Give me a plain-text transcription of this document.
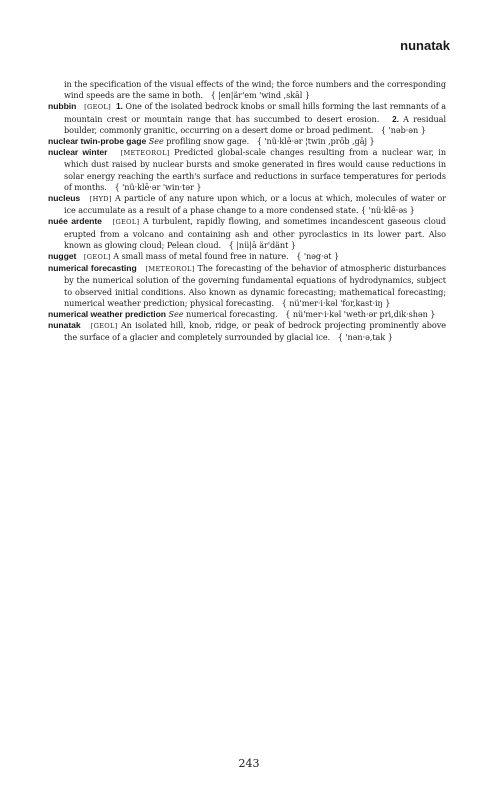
nunatak

in the specification of the visual effects of the wind; the force numbers and the corresponding wind speeds are the same in both. { |en|är'em 'wind ,skāl }

nubbin [GEOL] 1. One of the isolated bedrock knobs or small hills forming the last remnants of a mountain crest or mountain range that has succumbed to desert erosion. 2. A residual boulder, commonly granitic, occurring on a desert dome or broad pediment. { 'nəb·ən }

nuclear twin-probe gage See profiling snow gage. { 'nü·klē·ər ¦twin ,prōb ,gāj }

nuclear winter [METEOROL] Predicted global-scale changes resulting from a nuclear war, in which dust raised by nuclear bursts and smoke generated in fires would cause reductions in solar energy reaching the earth's surface and reductions in surface temperatures for periods of months. { 'nü·klē·ər 'win·tər }

nucleus [HYD] A particle of any nature upon which, or a locus at which, molecules of water or ice accumulate as a result of a phase change to a more condensed state. { 'nü·klē·əs }

nuée ardente [GEOL] A turbulent, rapidly flowing, and sometimes incandescent gaseous cloud erupted from a volcano and containing ash and other pyroclastics in its lower part. Also known as glowing cloud; Pelean cloud. { |nü|ā är'dänt }

nugget [GEOL] A small mass of metal found free in nature. { 'nəg·ət }

numerical forecasting [METEOROL] The forecasting of the behavior of atmospheric disturbances by the numerical solution of the governing fundamental equations of hydrodynamics, subject to observed initial conditions. Also known as dynamic forecasting; mathematical forecasting; numerical weather prediction; physical forecasting. { nü'mer·i·kəl 'for,kast·iŋ }

numerical weather prediction See numerical forecasting. { nü'mer·i·kəl 'weth·ər pri,dik·shən }

nunatak [GEOL] An isolated hill, knob, ridge, or peak of bedrock projecting prominently above the surface of a glacier and completely surrounded by glacial ice. { 'nən·ə,tak }

243
